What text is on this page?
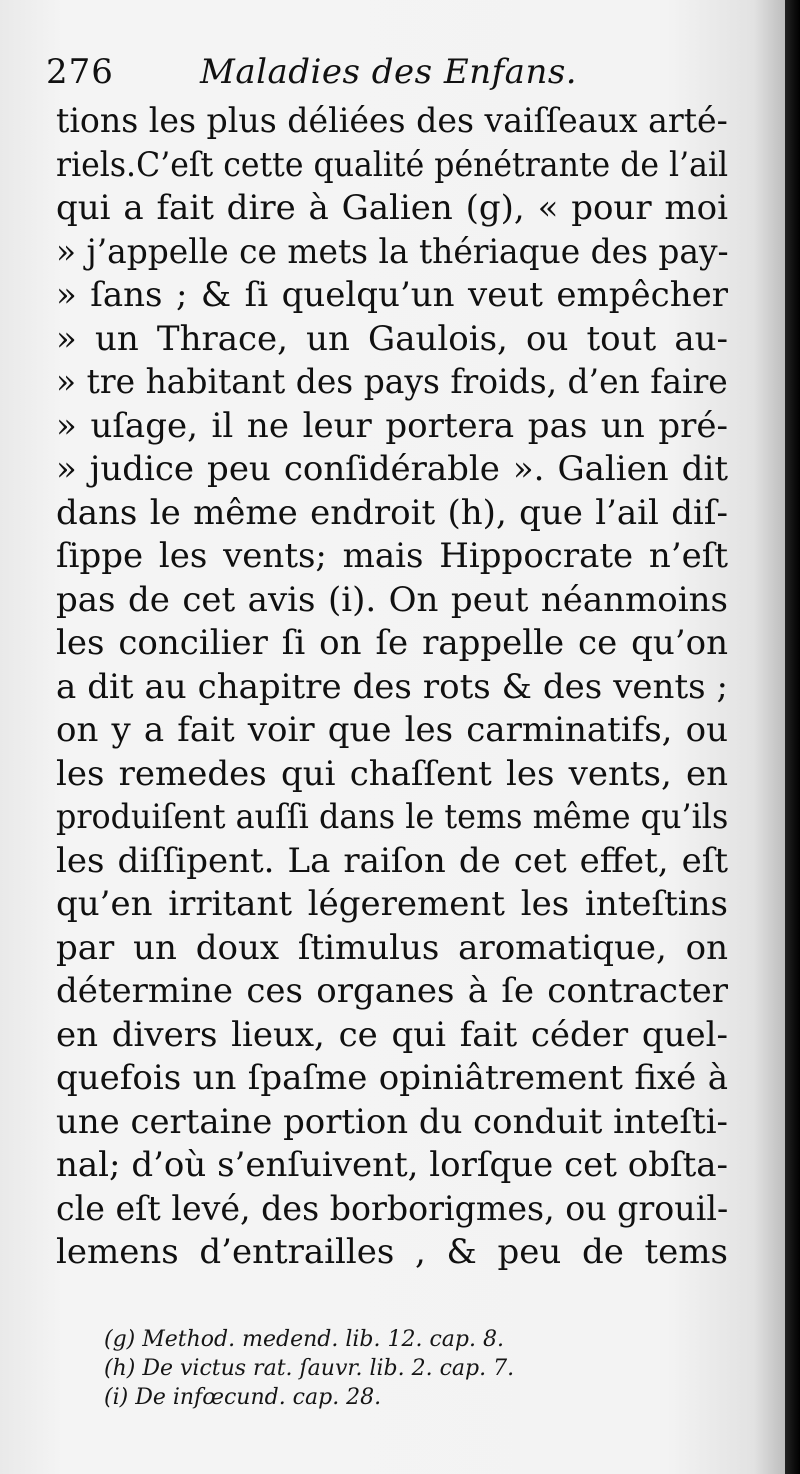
276	Maladies des Enfans.
tions les plus déliées des vaiſſeaux arté-
riels.C’eſt cette qualité pénétrante de l’ail
qui a fait dire à Galien (g), « pour moi
» j’appelle ce mets la thériaque des pay-
» ſans ; & ſi quelqu’un veut empêcher
» un Thrace, un Gaulois, ou tout au-
» tre habitant des pays froids, d’en faire
» uſage, il ne leur portera pas un pré-
» judice peu conſidérable ». Galien dit
dans le même endroit (h), que l’ail diſ-
ſippe les vents; mais Hippocrate n’eſt
pas de cet avis (i). On peut néanmoins
les concilier ſi on ſe rappelle ce qu’on
a dit au chapitre des rots & des vents ;
on y a fait voir que les carminatifs, ou
les remedes qui chaſſent les vents, en
produiſent auſſi dans le tems même qu’ils
les diſſipent. La raiſon de cet effet, eſt
qu’en irritant légerement les inteſtins
par un doux ſtimulus aromatique, on
détermine ces organes à ſe contracter
en divers lieux, ce qui fait céder quel-
quefois un ſpaſme opiniâtrement fixé à
une certaine portion du conduit inteſti-
nal; d’où s’enſuivent, lorſque cet obſta-
cle eſt levé, des borborigmes, ou grouil-
lemens d’entrailles , & peu de tems
(g) Method. medend. lib. 12. cap. 8.
(h) De victus rat. ſauvr. lib. 2. cap. 7.
(i) De infœcund. cap. 28.
